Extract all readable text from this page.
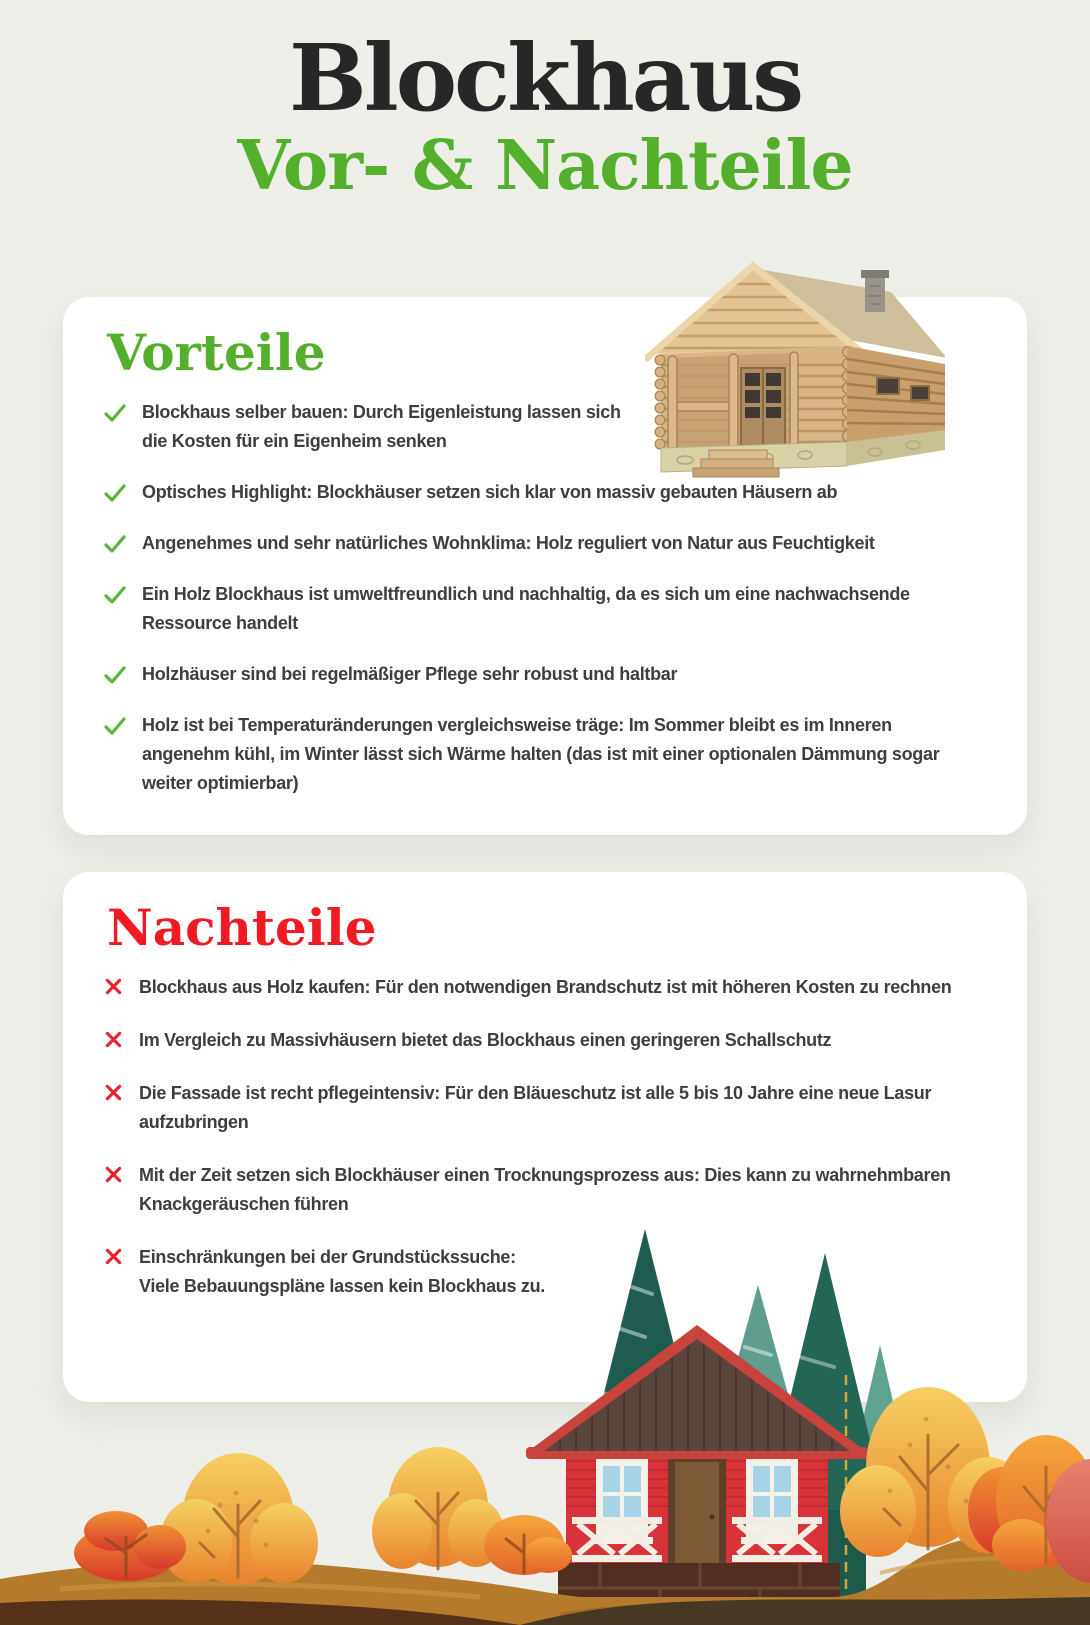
Blockhaus
Vor- & Nachteile
Vorteile
Blockhaus selber bauen: Durch Eigenleistung lassen sich die Kosten für ein Eigenheim senken
Optisches Highlight: Blockhäuser setzen sich klar von massiv gebauten Häusern ab
Angenehmes und sehr natürliches Wohnklima: Holz reguliert von Natur aus Feuchtigkeit
Ein Holz Blockhaus ist umweltfreundlich und nachhaltig, da es sich um eine nachwachsende Ressource handelt
Holzhäuser sind bei regelmäßiger Pflege sehr robust und haltbar
Holz ist bei Temperaturänderungen vergleichsweise träge: Im Sommer bleibt es im Inneren angenehm kühl, im Winter lässt sich Wärme halten (das ist mit einer optionalen Dämmung sogar weiter optimierbar)
Nachteile
Blockhaus aus Holz kaufen: Für den notwendigen Brandschutz ist mit höheren Kosten zu rechnen
Im Vergleich zu Massivhäusern bietet das Blockhaus einen geringeren Schallschutz
Die Fassade ist recht pflegeintensiv: Für den Bläueschutz ist alle 5 bis 10 Jahre eine neue Lasur aufzubringen
Mit der Zeit setzen sich Blockhäuser einen Trocknungsprozess aus: Dies kann zu wahrnehmbaren Knackgeräuschen führen
Einschränkungen bei der Grundstückssuche:
Viele Bebauungspläne lassen kein Blockhaus zu.
